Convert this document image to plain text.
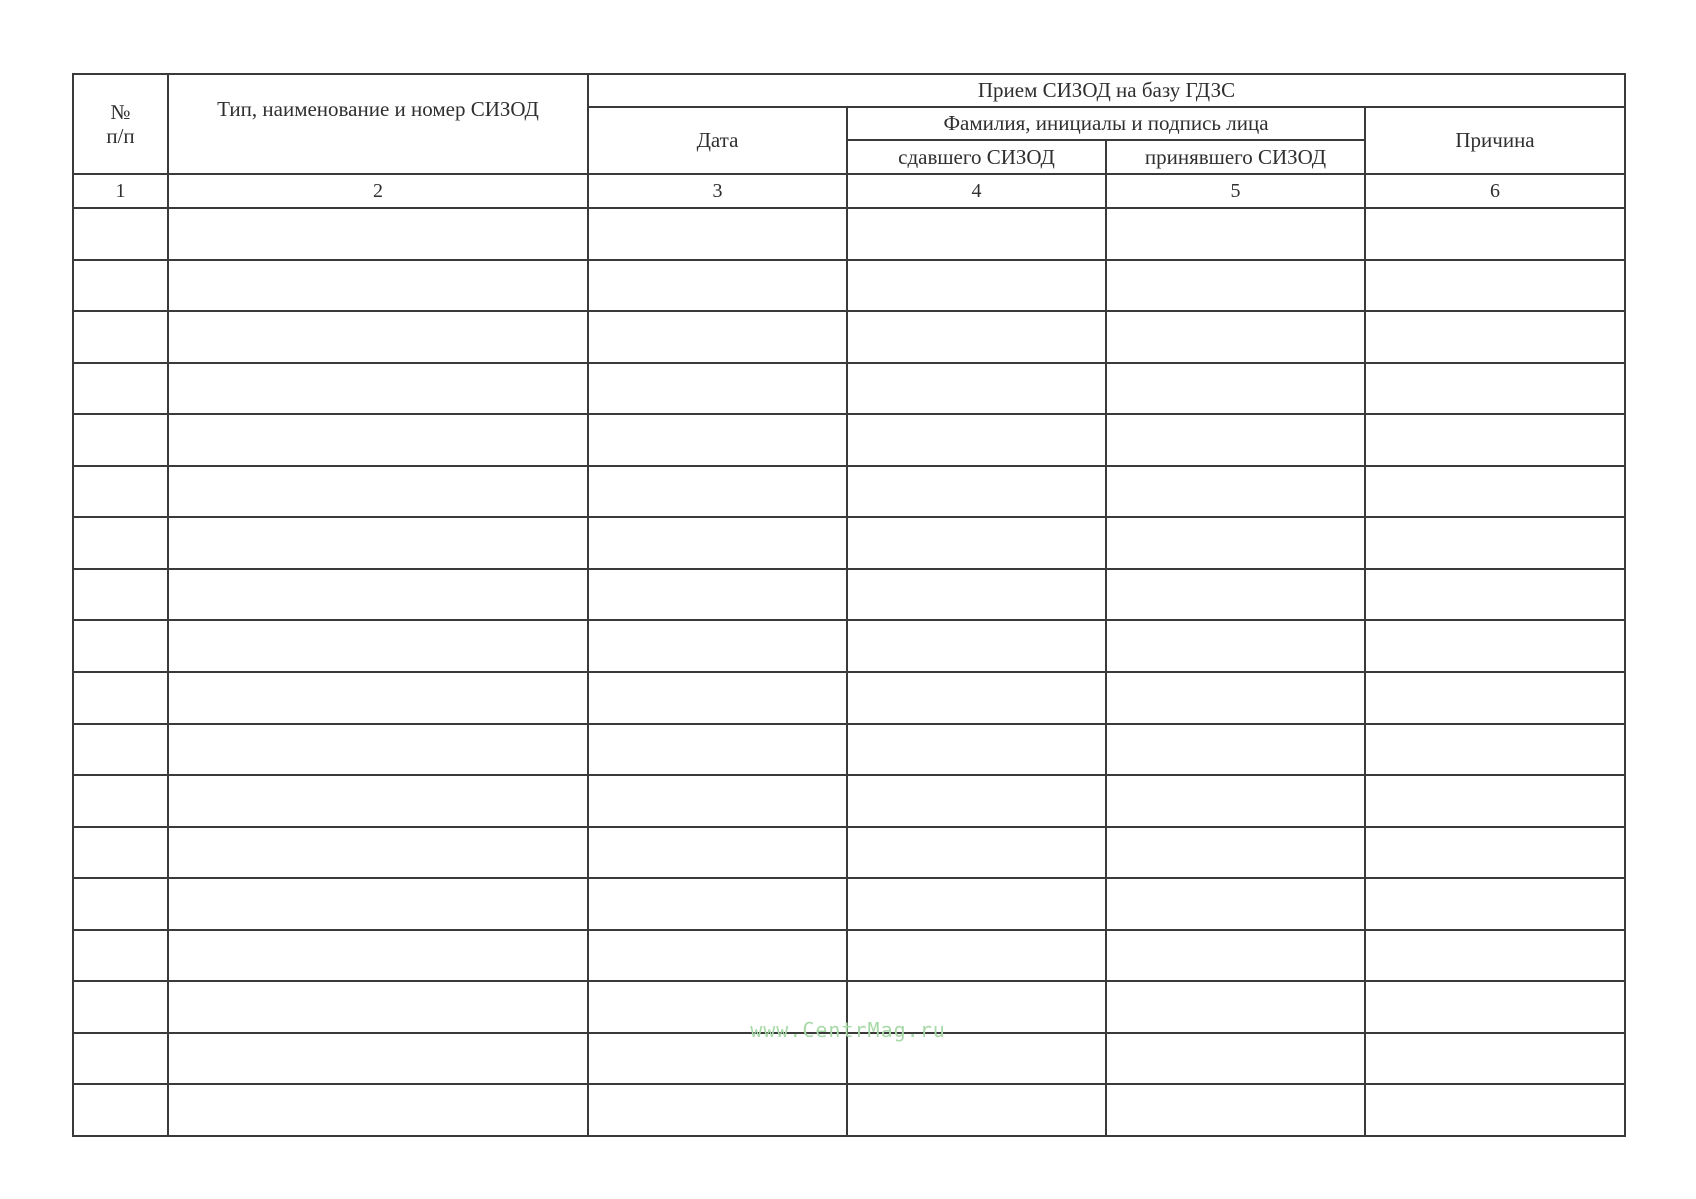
№
п/п	Тип, наименование и номер СИЗОД	Прием СИЗОД на базу ГДЗС			
		Дата	Фамилия, инициалы и подпись лица		Причина
			сдавшего СИЗОД	принявшего СИЗОД	
1	2	3	4	5	6

www.CentrMag.ru
